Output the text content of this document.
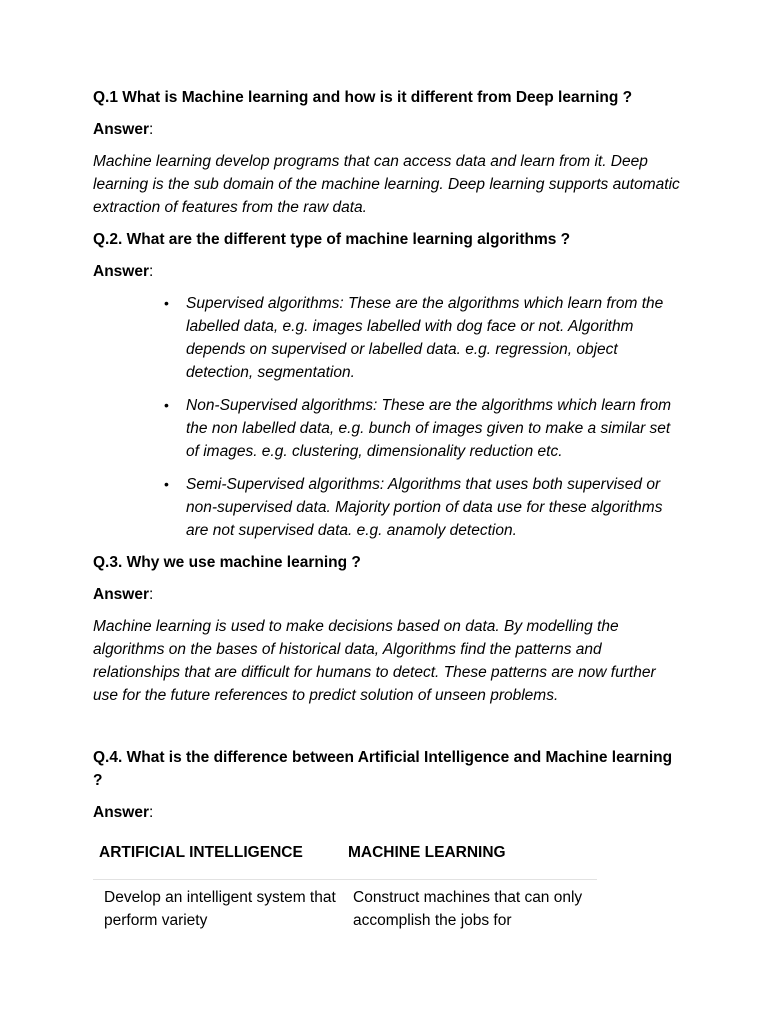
Q.1 What is Machine learning and how is it different from Deep learning ?

Answer:

Machine learning develop programs that can access data and learn from it. Deep learning is the sub domain of the machine learning. Deep learning supports automatic extraction of features from the raw data.

Q.2. What are the different type of machine learning algorithms ?

Answer:

• Supervised algorithms: These are the algorithms which learn from the labelled data, e.g. images labelled with dog face or not. Algorithm depends on supervised or labelled data. e.g. regression, object detection, segmentation.
• Non-Supervised algorithms: These are the algorithms which learn from the non labelled data, e.g. bunch of images given to make a similar set of images. e.g. clustering, dimensionality reduction etc.
• Semi-Supervised algorithms: Algorithms that uses both supervised or non-supervised data. Majority portion of data use for these algorithms are not supervised data. e.g. anamoly detection.

Q.3. Why we use machine learning ?

Answer:

Machine learning is used to make decisions based on data. By modelling the algorithms on the bases of historical data, Algorithms find the patterns and relationships that are difficult for humans to detect. These patterns are now further use for the future references to predict solution of unseen problems.

Q.4. What is the difference between Artificial Intelligence and Machine learning ?

Answer:

ARTIFICIAL INTELLIGENCE	MACHINE LEARNING
Develop an intelligent system that perform variety	Construct machines that can only accomplish the jobs for
